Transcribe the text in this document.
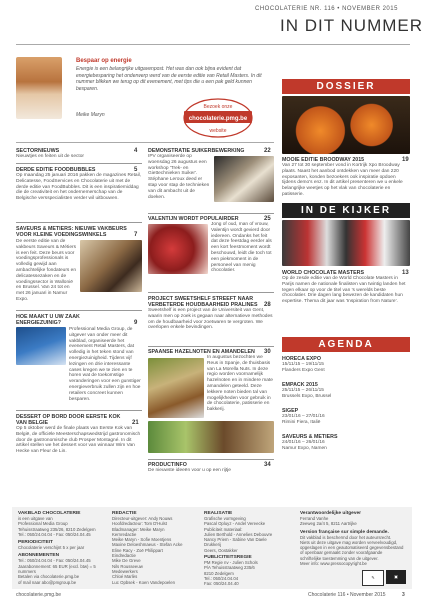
CHOCOLATERIE NR. 116 • NOVEMBER 2015
IN DIT NUMMER
Bespaar op energie
Energie is een belangrijke uitgavenpost. Het was dan ook bijna evident dat energiebesparing het onderwerp werd van de eerste editie van Retail Masters. In dit nummer blikken we terug op dit evenement, met tips die u een pak geld kunnen besparen.
Meike Maryn
Bezoek onze
chocolaterie.pmg.be
website
SECTORNIEUWS	4
Nieuwtjes en feiten uit de sector
DERDE EDITIE FOODBUBBLES	5
Op maandag 25 januari 2016 pakken de magazines Retail, Delicatesse, FoodServices en Chocolaterie uit met de derde editie van FoodBubbles. Dit is een inspiratiemiddag die de creativiteit en het ondernemerschap van de Belgische versspecialisten verder wil uitbouwen.
SAVEURS & METIERS: NIEUWE VAKBEURS VOOR KLEINE VOEDINGSWINKELS	7
De eerste editie van de vakbeurs Saveurs & Métiers is een feit. Deze beurs voor voedingsprofessionals is volledig gewijd aan ambachtelijke fondateurs en delicatessezaken en de voedingssector in Wallonië en Brussel. Van 24 tot en met 26 januari in Namur Expo.
HOE MAAKT U UW ZAAK ENERGIEZUINIG?	9
Professional Media Group, de uitgever van onder meer dit vakblad, organiseerde het evenement Retail Masters, dat volledig in het teken stond van energiezuinigheid. Tijdens vijf lezingen en drie interessante cases kregen we te zien en te horen wat de toekomstige veranderingen voor een gunstiger energieverbruik zullen zijn en hoe retailers concreet kunnen besparen.
DESSERT OP BORD DOOR EERSTE KOK VAN BELGIE	21
Op 5 oktober werd de finale plaats van Eerste Kok van België, de officiële Meesterschapswedstrijd gastronomisch door de gastronomische club Prosper Montagné. In dit artikel stellen we het dessert voor van winnaar Wim Van Hecke van Fleur de Lin.
DEMONSTRATIE SUIKERBEWERKING	22
IPV organiseerde op woensdag 26 augustus een workshop 'Trek- en Giettechnieken Suiker'. Stéphane Leroux deed er stap voor stap de technieken van dit ambacht uit de doeken.
VALENTIJN WORDT POPULAIRDER	25
Jong of oud, man of vrouw, Valentijn wordt gevierd door iedereen. Ondanks het feit dat deze feestdag eerder als een kort feestmoment wordt beschouwd, leidt die toch tot een piekmoment in de personeel van menig chocolatier.
PROJECT SWEETSHELF STREEFT NAAR VERBETERDE HOUDBAARHEID PRALINES	28
Sweetshelf is een project van de Universiteit van Gent, waarin men op zoek is gegaan naar alternatieve methodes om de houdbaarheid voor zoetwaren te vergroten. We overlopen enkele bevindingen.
SPAANSE HAZELNOTEN EN AMANDELEN	30
In augustus bezochten we Reus in Spanje, de thuisbasis van La Morella Nuts. In deze regio worden voornamelijk hazelnoten en in mindere mate amandelen geteeld. Deze lekkere noten bieden tal van mogelijkheden voor gebruik in de chocolaterie, patisserie en bakkerij.
PRODUCTINFO	34
De nieuwste ideeën voor u op een rijtje
DOSSIER
MOOIE EDITIE BROODWAY 2015	19
Van 27 tot 30 september vond in Kortrijk Xpo Broodway plaats. Naast het aanbod ontdekken van meer dan 220 exposanten, konden bezoekers ook inspiratie opdoen tijdens demo's enz. In dit artikel presenteren we u enkele belangrijke weetjes op het vlak van chocolaterie en patisserie.
IN DE KIJKER
WORLD CHOCOLATE MASTERS	13
Op de zesde editie van de World Chocolate Masters in Parijs namen de nationale finalisten van twintig landen het tegen elkaar op voor de titel van 's werelds beste chocolatier. Drie dagen lang bewezen de kandidaten hun expertise. Thema dit jaar was 'Inspiration from Nature'.
AGENDA
HORECA EXPO
15/11/15 – 19/11/15
Flanders Expo Gent
EMPACK 2015
25/11/15 – 26/11/15
Brussels Expo, Brussel
SIGEP
23/01/16 – 27/01/16
Rimini Fiera, Italië
SAVEURS & METIERS
24/01/16 – 26/01/16
Namur Expo, Namen
VAKBLAD CHOCOLATERIE
is een uitgave van
Professional Media Group
Tehuisstraatweg 235/26, 8210 Zedelgem
Tel.: 050/24.04.04 - Fax: 050/24.04.45
PERIODICITEIT
Chocolaterie verschijnt 5 x per jaar
ABONNEMENTEN
Tel.: 050/24.04.04 - Fax: 050/24.04.45
Jaarabonnement: 65 EUR (excl. btw) = 5 nummers
Betalen via chocolaterie.pmg.be
of mail naar abo@pmgroup.be
REDACTIE
Directeur-uitgever: Andy Nouws
Hoofdredacteur: Tom D'Hulst
Bladmanager: Meike Maryn
Kernredactie
Meike Maryn - Sofie Moentjens
Maxine Deloeshmaeus - Stefan Acke
Eline Racy - Zoë Philippart
Eindredactie
Mike De Greve
Nils Rousseeuw
Medewerkers
Chloé Marlès
Luc Opbsek - Koen Vandepoelen
REALISATIE
Grafische vormgeving
Pascal Opluyz - Andel Vereecke
Publiciteit materiaal:
Julien Berthold - Annelies Debouvre
Nancy Priem - Sabine Van Daele
Drukkerij
Geers, Oostakker
PUBLICITEITSREGIE
PM Regie nv - Julien Schols
P/A Tehuisstraatweg 235/6
8210 Zedelgem
Tel.: 050/24.04.04
Fax: 050/24.04.40
Verantwoordelijke uitgever
Ferrand Vanhe
Zeeweg 2a/4 5, 8211 Aartrijke
Version française sur simple demande.
Dit vakblad is beschermd door het auteursrecht.
Niets uit deze uitgave mag worden verveelvoudigd,
opgeslagen in een geautomatiseerd gegevensbestand
of openbaar gemaakt zonder voorafgaande
schriftelijke toestemming van de uitgever.
Meer info: www.pressocopyright.be
✎	▣
chocolaterie.pmg.be	Chocolaterie 116 • November 2015	3
